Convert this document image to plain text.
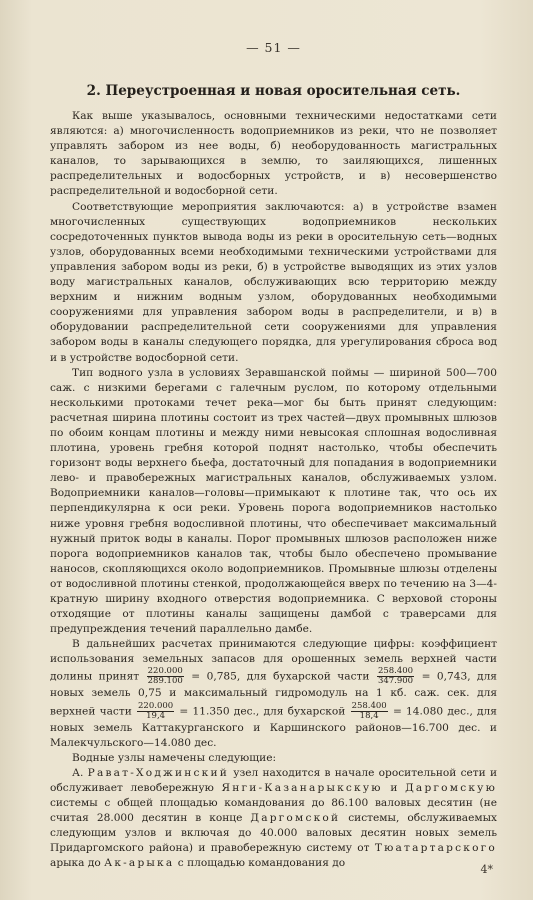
— 51 —
2. Переустроенная и новая оросительная сеть.

Как выше указывалось, основными техническими недостатками сети являются: а) многочисленность водоприемников из реки, что не позволяет управлять забором из нее воды, б) необорудованность магистральных каналов, то зарывающихся в землю, то заиляющихся, лишенных распределительных и водосборных устройств, и в) несовершенство распределительной и водосборной сети.

Соответствующие мероприятия заключаются: а) в устройстве взамен многочисленных существующих водоприемников нескольких сосредоточенных пунктов вывода воды из реки в оросительную сеть—водных узлов, оборудованных всеми необходимыми техническими устройствами для управления забором воды из реки, б) в устройстве выводящих из этих узлов воду магистральных каналов, обслуживающих всю территорию между верхним и нижним водным узлом, оборудованных необходимыми сооружениями для управления забором воды в распределители, и в) в оборудовании распределительной сети сооружениями для управления забором воды в каналы следующего порядка, для урегулирования сброса вод и в устройстве водосборной сети.

Тип водного узла в условиях Зеравшанской поймы — шириной 500—700 саж. с низкими берегами с галечным руслом, по которому отдельными несколькими протоками течет река—мог бы быть принят следующим: расчетная ширина плотины состоит из трех частей—двух промывных шлюзов по обоим концам плотины и между ними невысокая сплошная водосливная плотина, уровень гребня которой поднят настолько, чтобы обеспечить горизонт воды верхнего бьефа, достаточный для попадания в водоприемники лево- и правобережных магистральных каналов, обслуживаемых узлом. Водоприемники каналов—головы—примыкают к плотине так, что ось их перпендикулярна к оси реки. Уровень порога водоприемников настолько ниже уровня гребня водосливной плотины, что обеспечивает максимальный нужный приток воды в каналы. Порог промывных шлюзов расположен ниже порога водоприемников каналов так, чтобы было обеспечено промывание наносов, скопляющихся около водоприемников. Промывные шлюзы отделены от водосливной плотины стенкой, продолжающейся вверх по течению на 3—4-кратную ширину входного отверстия водоприемника. С верховой стороны отходящие от плотины каналы защищены дамбой с траверсами для предупреждения течений параллельно дамбе.

В дальнейших расчетах принимаются следующие цифры: коэффициент использования земельных запасов для орошенных земель верхней части долины принят $\frac{220.000}{289.100} = 0,785$, для бухарской части $\frac{258.400}{347.900} = 0,743$, для новых земель 0,75 и максимальный гидромодуль на 1 кб. саж. сек. для верхней части $\frac{220.000}{19,4} = 11.350$ дес., для бухарской $\frac{258.400}{18,4} = 14.080$ дес., для новых земель Каттакурганского и Каршинского районов—16.700 дес. и Малекчульского—14.080 дес.

Водные узлы намечены следующие:

А. Рават-Ходжинский узел находится в начале оросительной сети и обслуживает левобережную Янги-Казанарыкскую и Даргомскую системы с общей площадью командования до 86.100 валовых десятин (не считая 28.000 десятин в конце Даргомской системы, обслуживаемых следующим узлов и включая до 40.000 валовых десятин новых земель Придаргомского района) и правобережную систему от Тюатартарского арыка до Ак-арыка с площадью командования до	4*
